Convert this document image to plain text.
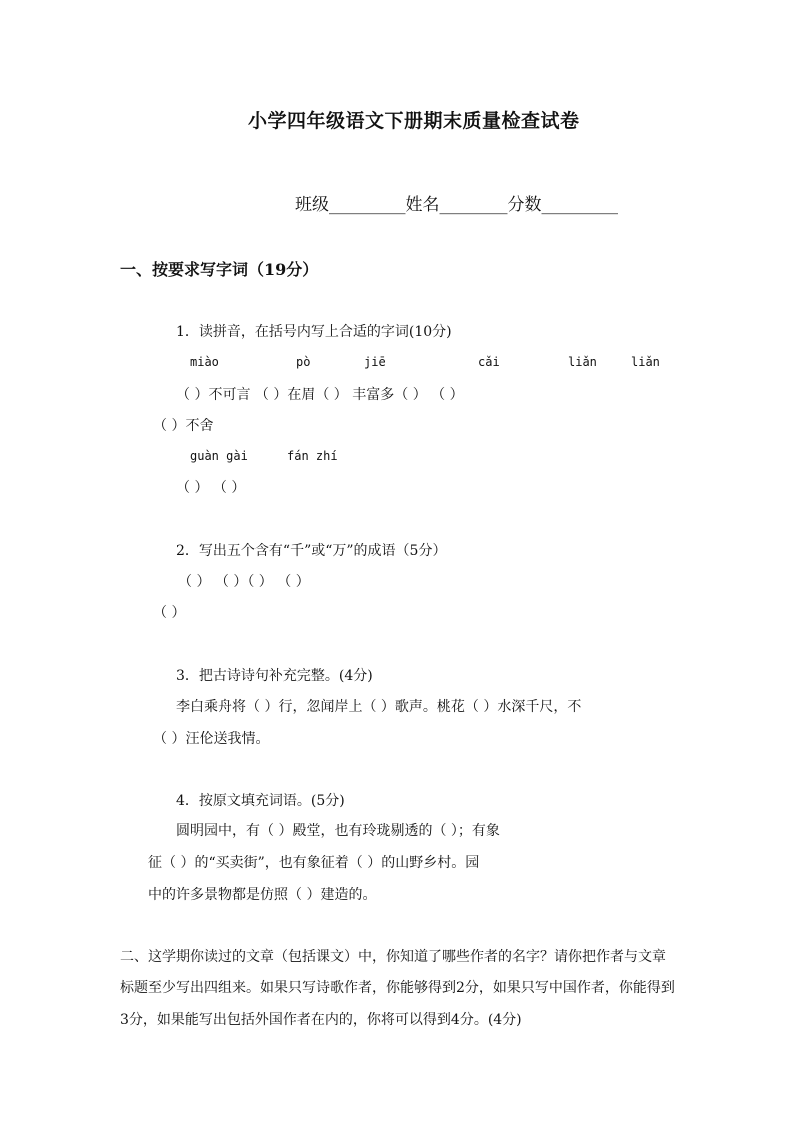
小学四年级语文下册期末质量检查试卷
班级_________姓名________分数_________
一、按要求写字词（19分）
1．读拼音，在括号内写上合适的字词(10分)
miào	pò	jiē	cǎi	liǎn	liǎn
（ ）不可言 （ ）在眉（ ） 丰富多（ ） （ ）
（ ）不舍
guàn gài	fán zhí
（ ） （ ）
2．写出五个含有“千”或“万”的成语（5分）
（ ） （ ）（ ） （ ）
（ ）
3．把古诗诗句补充完整。(4分)
李白乘舟将（ ）行，忽闻岸上（ ）歌声。桃花（ ）水深千尺，不
（ ）汪伦送我情。
4．按原文填充词语。(5分)
圆明园中，有（ ）殿堂，也有玲珑剔透的（ ）；有象
征（ ）的“买卖街”，也有象征着（ ）的山野乡村。园
中的许多景物都是仿照（ ）建造的。
二、这学期你读过的文章（包括课文）中，你知道了哪些作者的名字？请你把作者与文章
标题至少写出四组来。如果只写诗歌作者，你能够得到2分，如果只写中国作者，你能得到
3分，如果能写出包括外国作者在内的，你将可以得到4分。(4分)
